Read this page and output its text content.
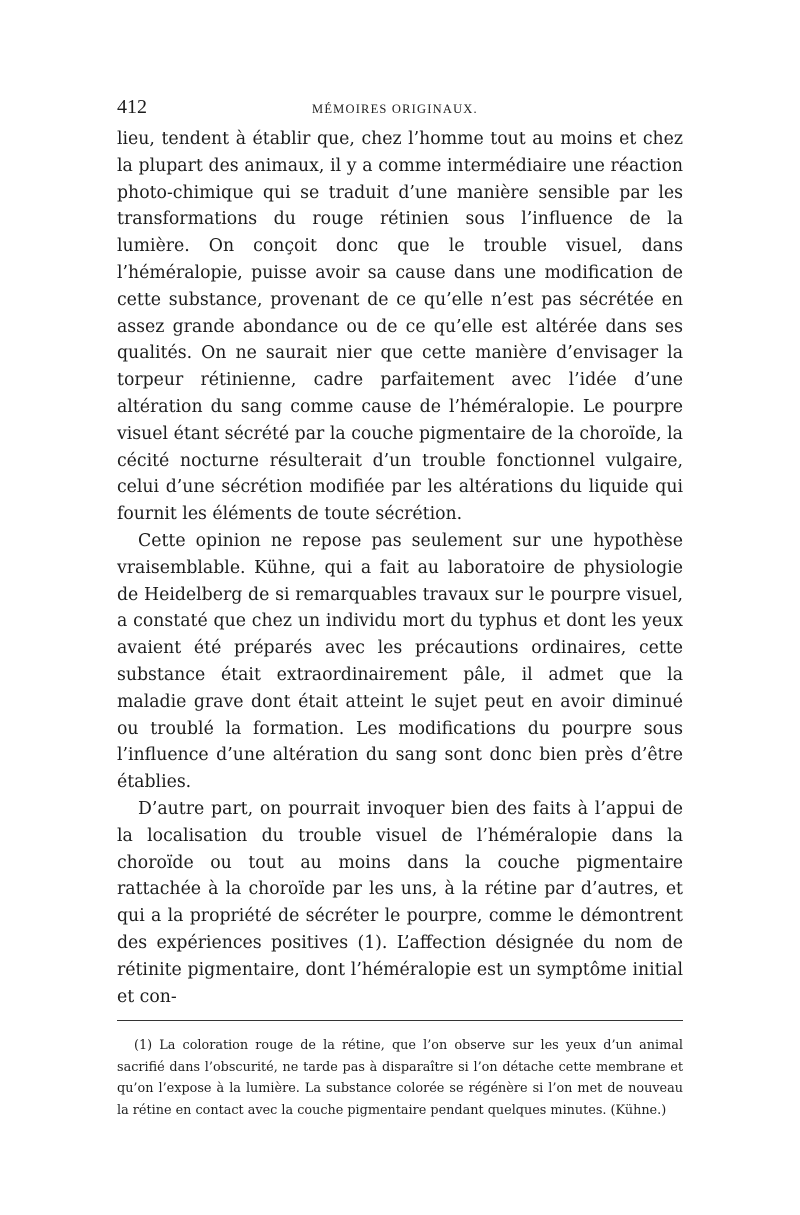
412	MÉMOIRES ORIGINAUX.

lieu, tendent à établir que, chez l’homme tout au moins et chez la plupart des animaux, il y a comme intermédiaire une réaction photo-chimique qui se traduit d’une manière sensible par les transformations du rouge rétinien sous l’influence de la lumière. On conçoit donc que le trouble visuel, dans l’héméralopie, puisse avoir sa cause dans une modification de cette substance, provenant de ce qu’elle n’est pas sécrétée en assez grande abondance ou de ce qu’elle est altérée dans ses qualités. On ne saurait nier que cette manière d’envisager la torpeur rétinienne, cadre parfaitement avec l’idée d’une altération du sang comme cause de l’héméralopie. Le pourpre visuel étant sécrété par la couche pigmentaire de la choroïde, la cécité nocturne résulterait d’un trouble fonctionnel vulgaire, celui d’une sécrétion modifiée par les altérations du liquide qui fournit les éléments de toute sécrétion.

Cette opinion ne repose pas seulement sur une hypothèse vraisemblable. Kühne, qui a fait au laboratoire de physiologie de Heidelberg de si remarquables travaux sur le pourpre visuel, a constaté que chez un individu mort du typhus et dont les yeux avaient été préparés avec les précautions ordinaires, cette substance était extraordinairement pâle, il admet que la maladie grave dont était atteint le sujet peut en avoir diminué ou troublé la formation. Les modifications du pourpre sous l’influence d’une altération du sang sont donc bien près d’être établies.

D’autre part, on pourrait invoquer bien des faits à l’appui de la localisation du trouble visuel de l’héméralopie dans la choroïde ou tout au moins dans la couche pigmentaire rattachée à la choroïde par les uns, à la rétine par d’autres, et qui a la propriété de sécréter le pourpre, comme le démontrent des expériences positives (1). L’affection désignée du nom de rétinite pigmentaire, dont l’héméralopie est un symptôme initial et con-

(1) La coloration rouge de la rétine, que l’on observe sur les yeux d’un animal sacrifié dans l’obscurité, ne tarde pas à disparaître si l’on détache cette membrane et qu’on l’expose à la lumière. La substance colorée se régénère si l’on met de nouveau la rétine en contact avec la couche pigmentaire pendant quelques minutes. (Kühne.)
